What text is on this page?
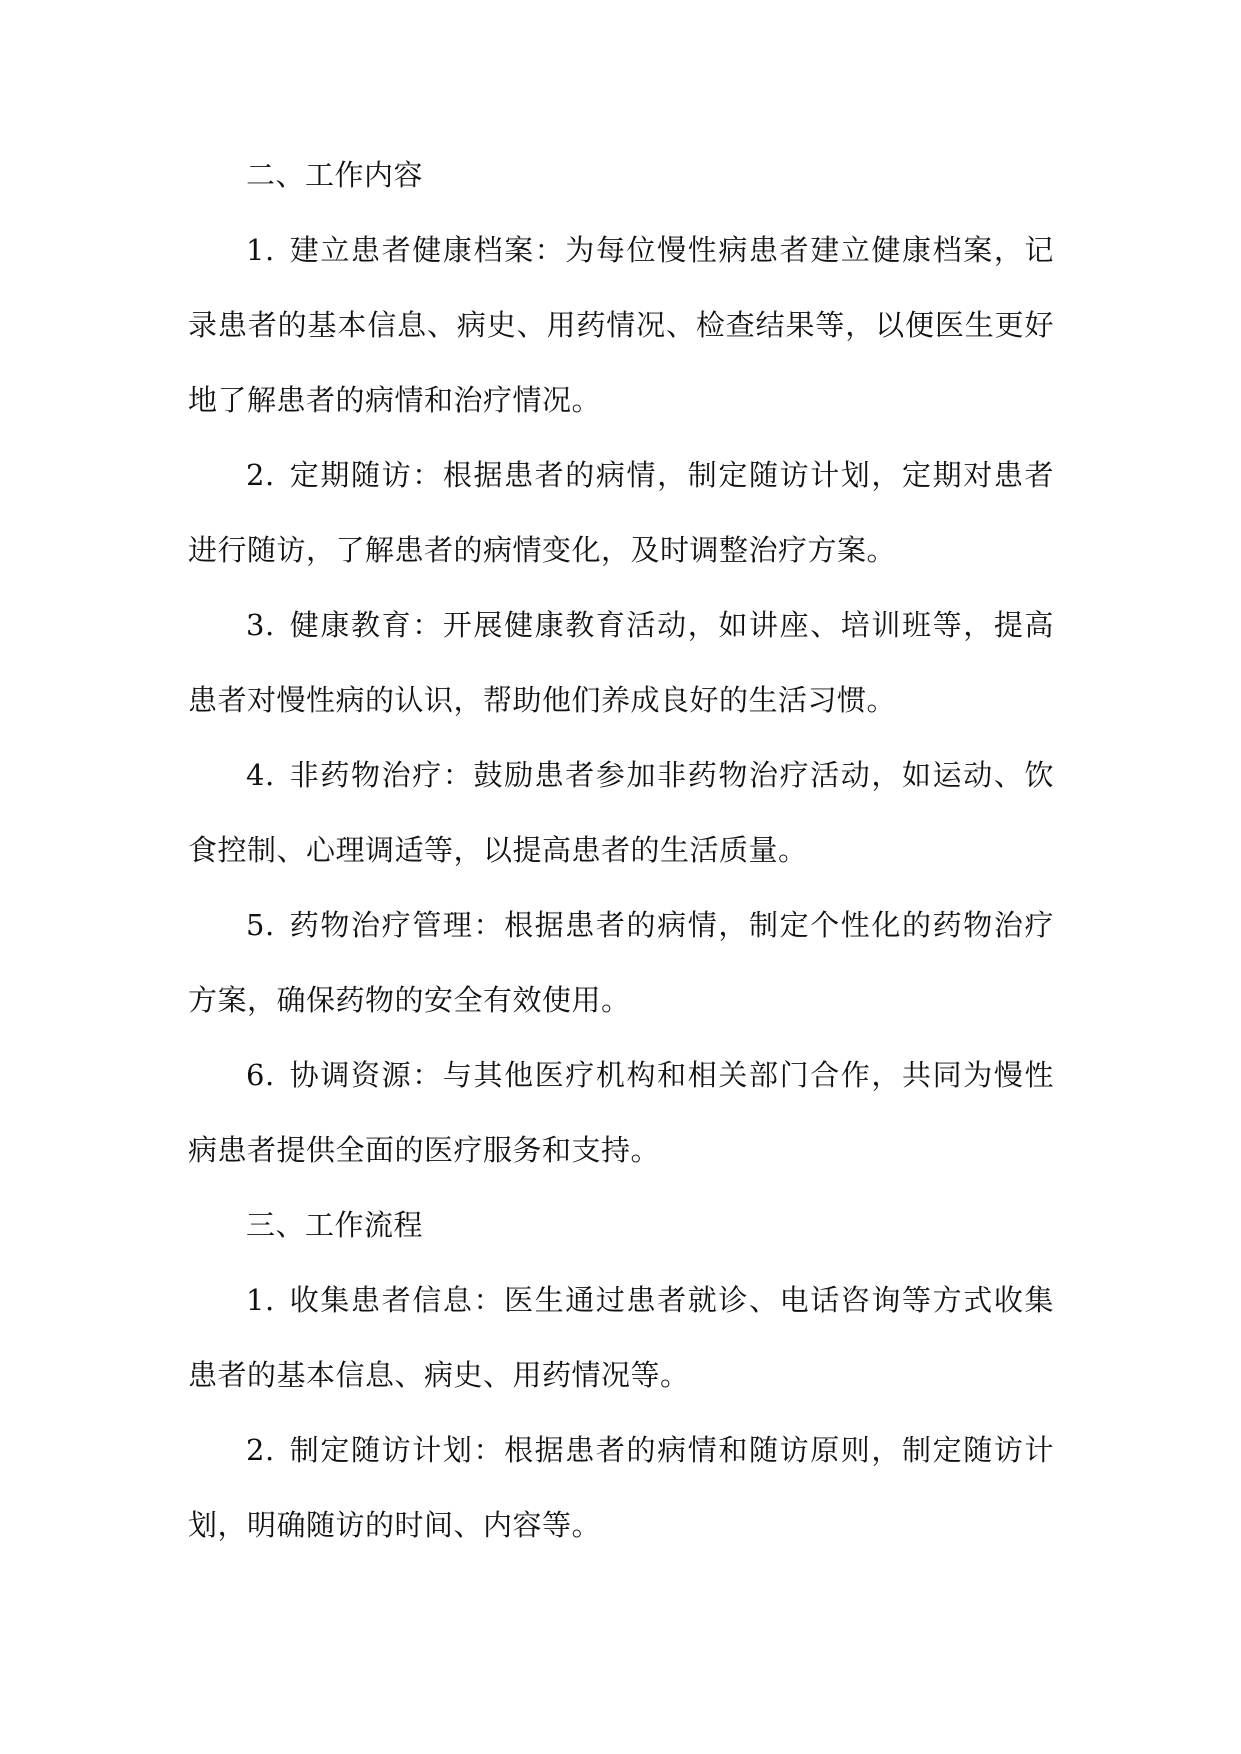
二、工作内容

1. 建立患者健康档案：为每位慢性病患者建立健康档案，记录患者的基本信息、病史、用药情况、检查结果等，以便医生更好地了解患者的病情和治疗情况。

2. 定期随访：根据患者的病情，制定随访计划，定期对患者进行随访，了解患者的病情变化，及时调整治疗方案。

3. 健康教育：开展健康教育活动，如讲座、培训班等，提高患者对慢性病的认识，帮助他们养成良好的生活习惯。

4. 非药物治疗：鼓励患者参加非药物治疗活动，如运动、饮食控制、心理调适等，以提高患者的生活质量。

5. 药物治疗管理：根据患者的病情，制定个性化的药物治疗方案，确保药物的安全有效使用。

6. 协调资源：与其他医疗机构和相关部门合作，共同为慢性病患者提供全面的医疗服务和支持。

三、工作流程

1. 收集患者信息：医生通过患者就诊、电话咨询等方式收集患者的基本信息、病史、用药情况等。

2. 制定随访计划：根据患者的病情和随访原则，制定随访计划，明确随访的时间、内容等。
